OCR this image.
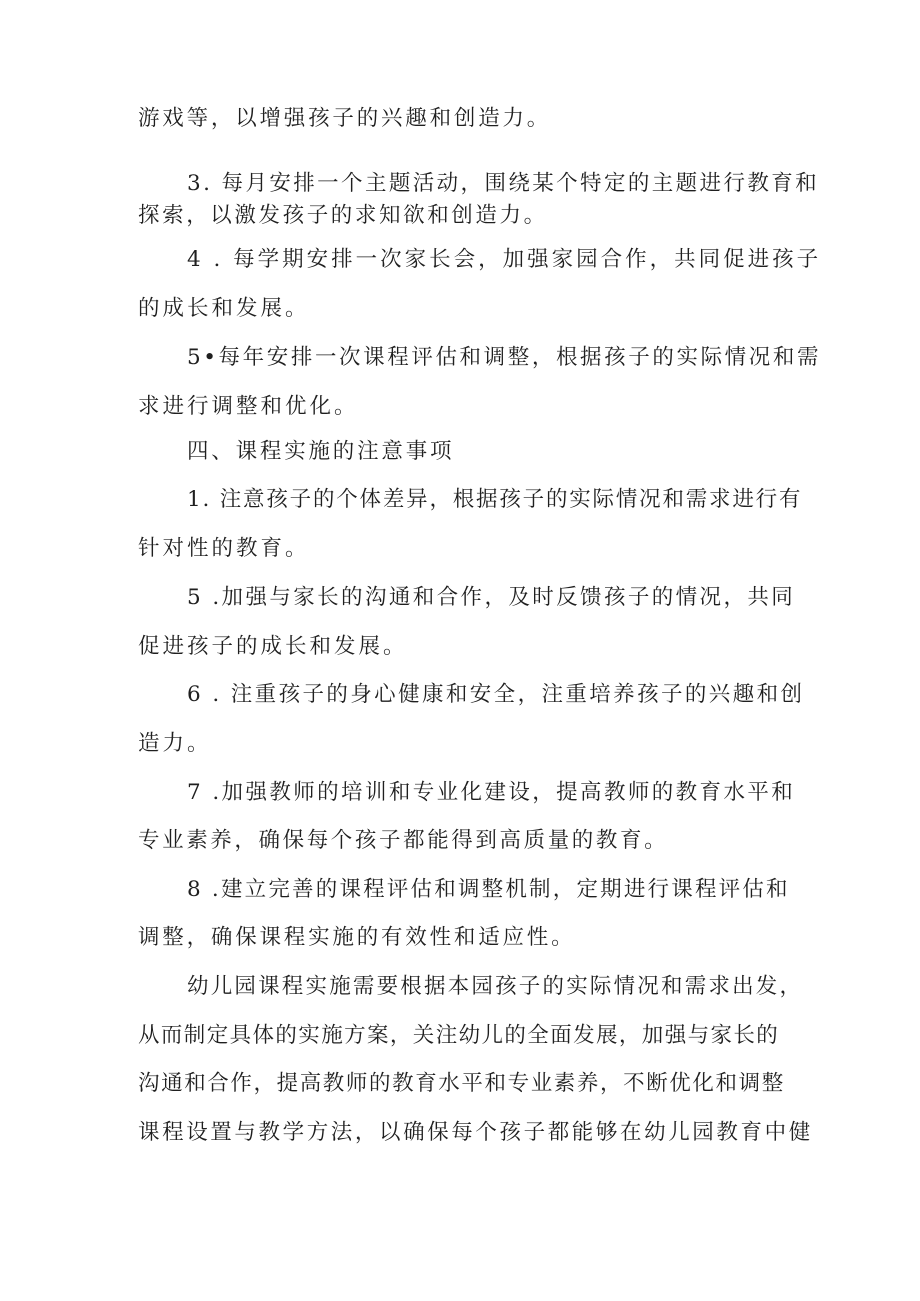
游戏等，以增强孩子的兴趣和创造力。
3. 每月安排一个主题活动，围绕某个特定的主题进行教育和
探索，以激发孩子的求知欲和创造力。
4 . 每学期安排一次家长会，加强家园合作，共同促进孩子
的成长和发展。
5•每年安排一次课程评估和调整，根据孩子的实际情况和需
求进行调整和优化。
四、课程实施的注意事项
1. 注意孩子的个体差异，根据孩子的实际情况和需求进行有
针对性的教育。
5 .加强与家长的沟通和合作，及时反馈孩子的情况，共同
促进孩子的成长和发展。
6 . 注重孩子的身心健康和安全，注重培养孩子的兴趣和创
造力。
7 .加强教师的培训和专业化建设，提高教师的教育水平和
专业素养，确保每个孩子都能得到高质量的教育。
8 .建立完善的课程评估和调整机制，定期进行课程评估和
调整，确保课程实施的有效性和适应性。
幼儿园课程实施需要根据本园孩子的实际情况和需求出发，
从而制定具体的实施方案，关注幼儿的全面发展，加强与家长的
沟通和合作，提高教师的教育水平和专业素养，不断优化和调整
课程设置与教学方法，以确保每个孩子都能够在幼儿园教育中健
